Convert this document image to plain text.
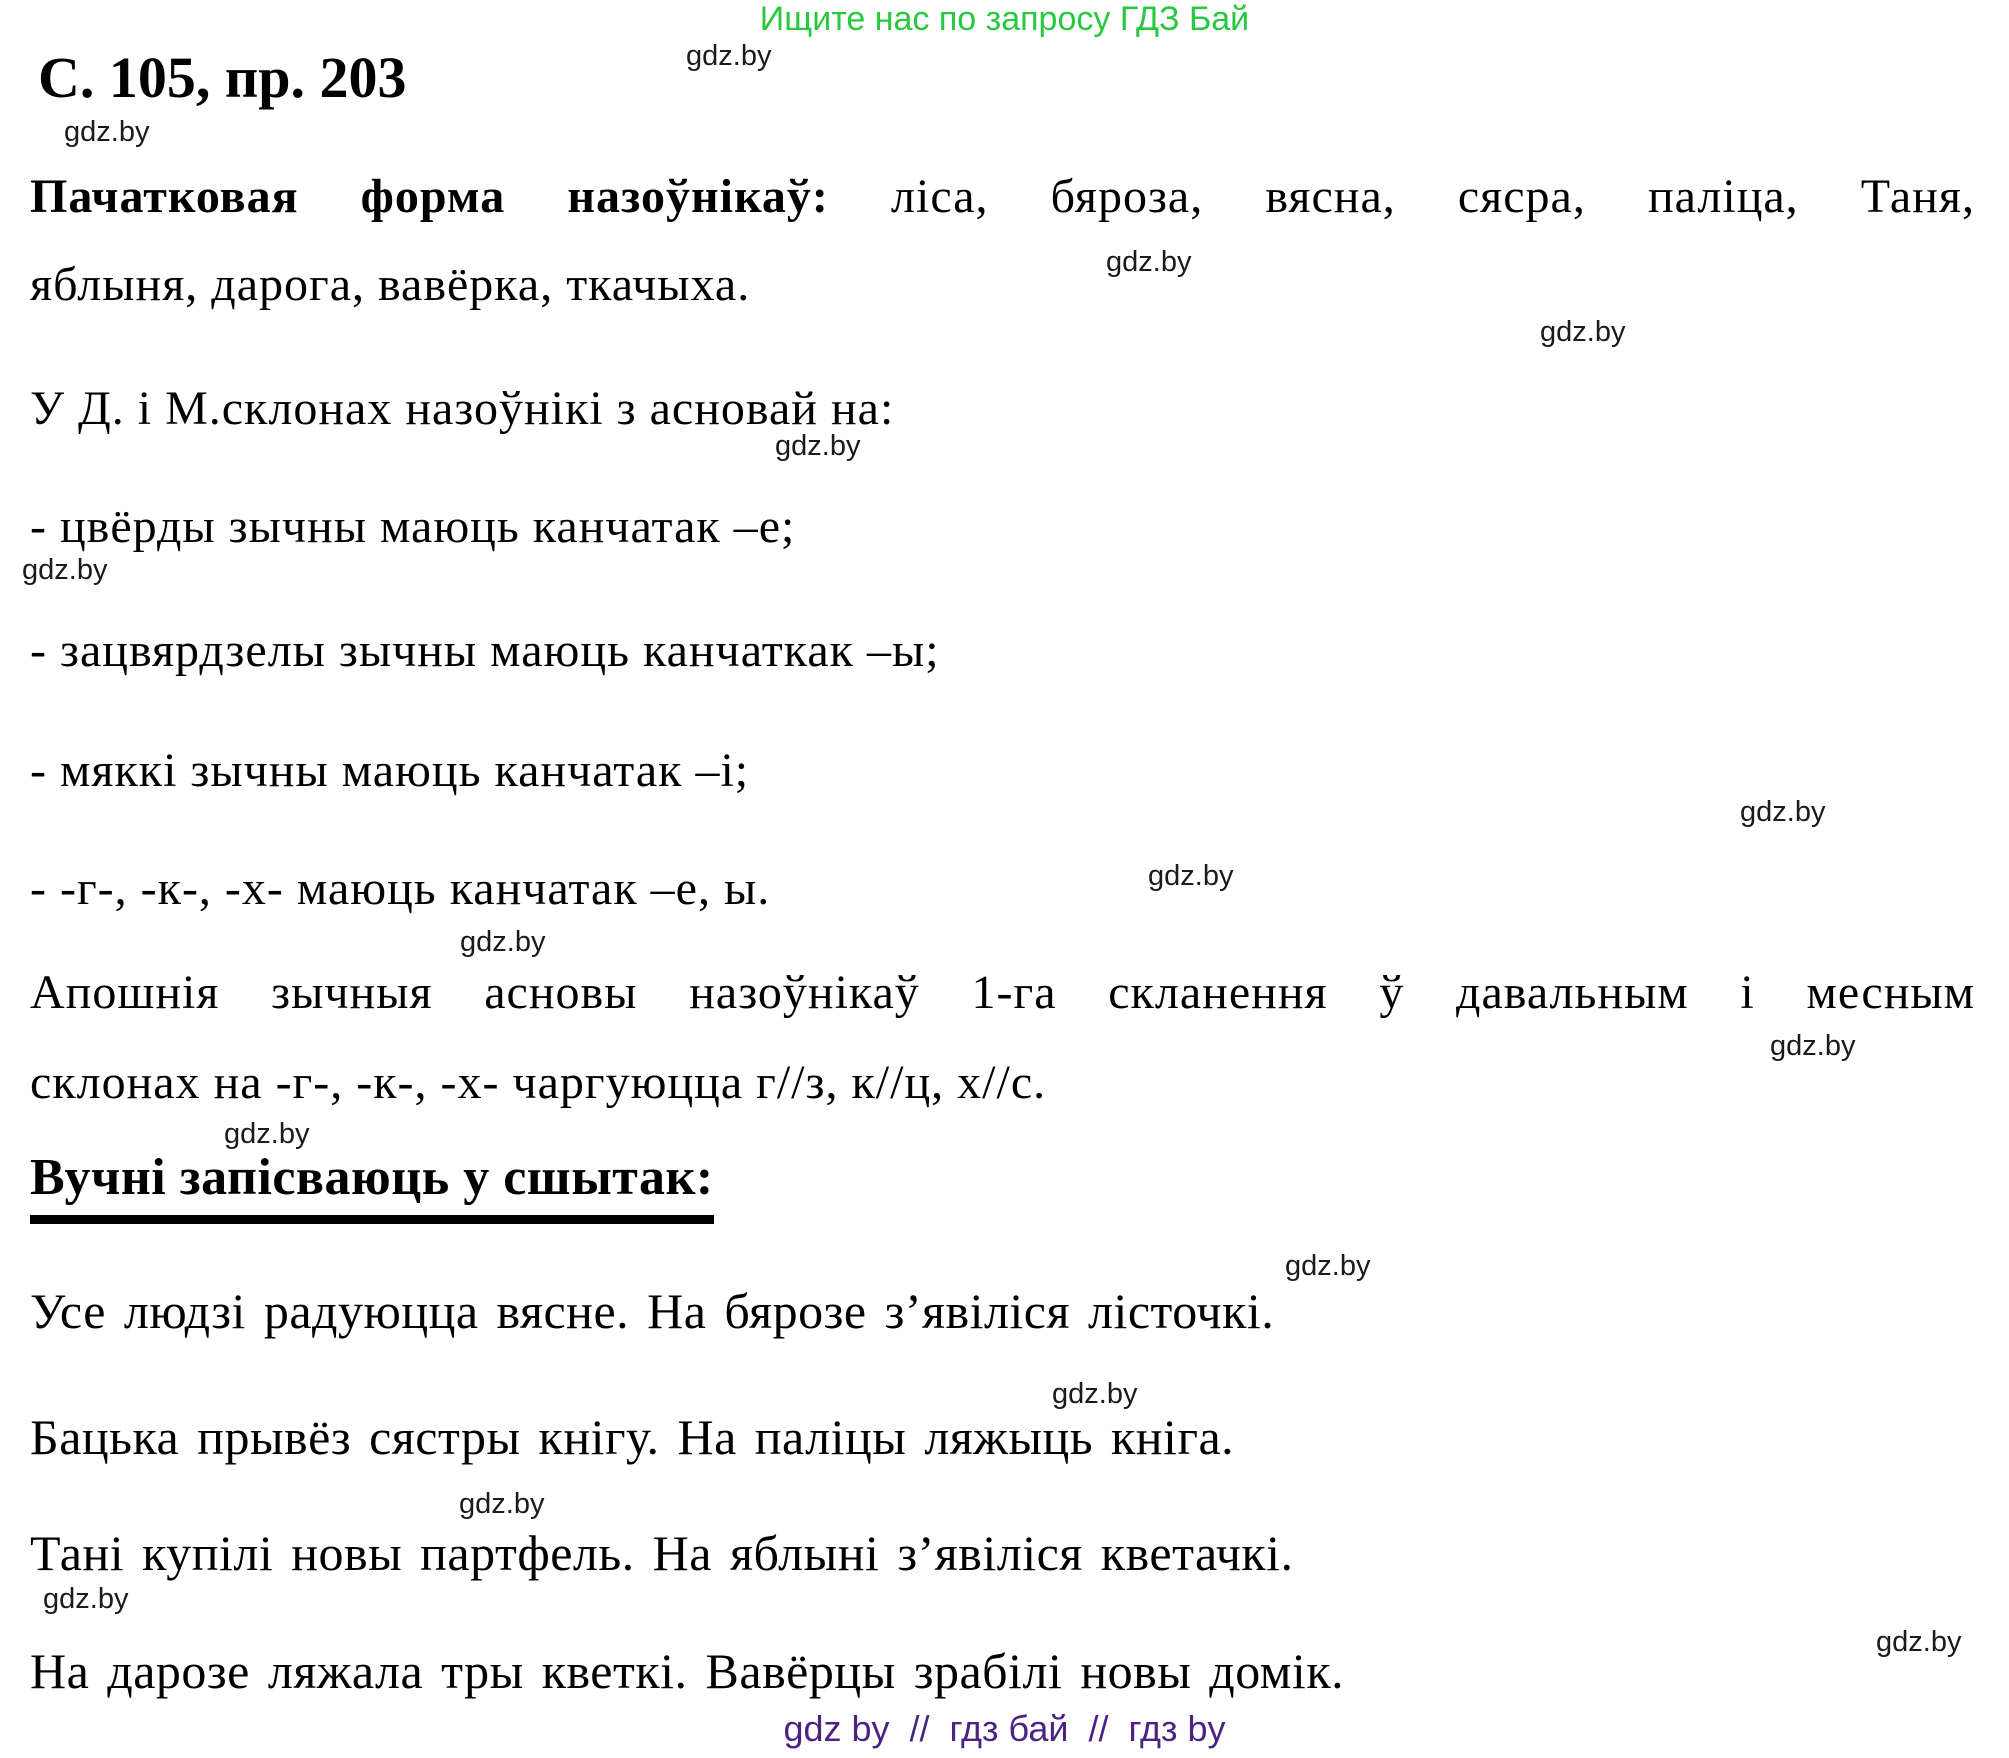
Ищите нас по запросу ГДЗ Бай
С. 105, пр. 203
Пачатковая форма назоўнікаў: ліса, бяроза, вясна, сясра, паліца, Таня,
яблыня, дарога, вавёрка, ткачыха.
У Д. і М.склонах назоўнікі з асновай на:
- цвёрды зычны маюць канчатак –е;
- зацвярдзелы зычны маюць канчаткак –ы;
- мяккі зычны маюць канчатак –і;
- -г-, -к-, -х- маюць канчатак –е, ы.
Апошнія зычныя асновы назоўнікаў 1-га скланення ў давальным і месным
склонах на -г-, -к-, -х- чаргуюцца г//з, к//ц, х//с.
Вучні запісваюць у сшытак:
Усе людзі радуюцца вясне. На бярозе з’явіліся лісточкі.
Бацька прывёз сястры кнігу. На паліцы ляжыць кніга.
Тані купілі новы партфель. На яблыні з’явіліся кветачкі.
На дарозе ляжала тры кветкі. Вавёрцы зрабілі новы домік.
gdz.by
gdz.by
gdz.by
gdz.by
gdz.by
gdz.by
gdz.by
gdz.by
gdz.by
gdz.by
gdz.by
gdz.by
gdz.by
gdz.by
gdz.by
gdz.by
gdz by  //  гдз бай  //  гдз by
